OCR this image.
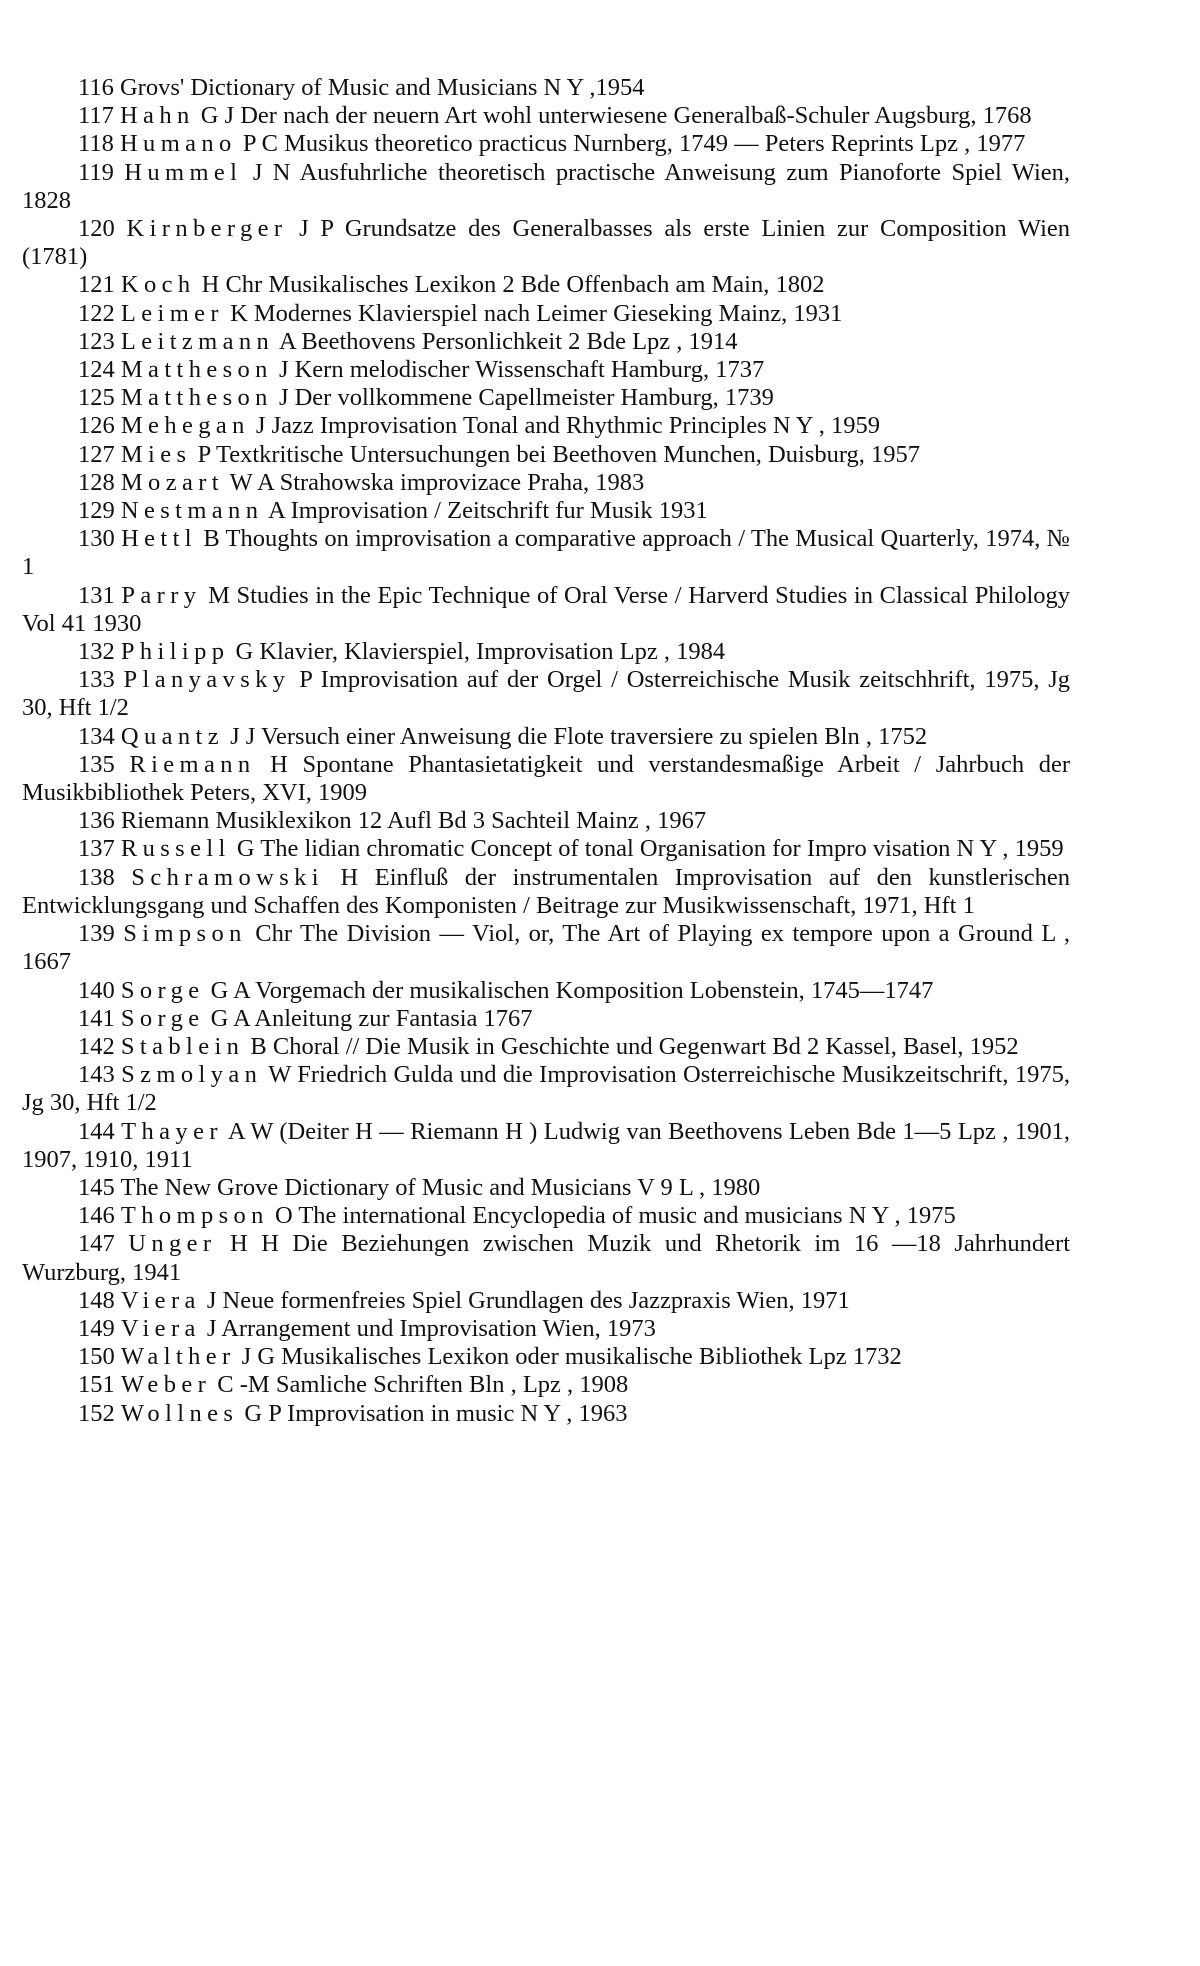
116 Grovs' Dictionary of Music and Musicians N Y ,1954

117 Hahn G J Der nach der neuern Art wohl unterwiesene Generalbaß-Schuler Augsburg, 1768

118 Humano P C Musikus theoretico practicus Nurnberg, 1749 — Peters Reprints Lpz , 1977

119 Hummel J N Ausfuhrliche theoretisch practische Anweisung zum Pianoforte Spiel Wien, 1828

120 Kirnberger J P Grundsatze des Generalbasses als erste Linien zur Composition Wien (1781)

121 Koch H Chr Musikalisches Lexikon 2 Bde Offenbach am Main, 1802

122 Leimer K Modernes Klavierspiel nach Leimer Gieseking Mainz, 1931

123 Leitzmann A Beethovens Personlichkeit 2 Bde Lpz , 1914

124 Mattheson J Kern melodischer Wissenschaft Hamburg, 1737

125 Mattheson J Der vollkommene Capellmeister Hamburg, 1739

126 Mehegan J Jazz Improvisation Tonal and Rhythmic Principles N Y , 1959

127 Mies P Textkritische Untersuchungen bei Beethoven Munchen, Duisburg, 1957

128 Mozart W A Strahowska improvizace Praha, 1983

129 Nestmann A Improvisation / Zeitschrift fur Musik 1931

130 Hettl B Thoughts on improvisation a comparative approach / The Musical Quarterly, 1974, № 1

131 Parry M Studies in the Epic Technique of Oral Verse / Harverd Studies in Classical Philology Vol 41 1930

132 Philipp G Klavier, Klavierspiel, Improvisation Lpz , 1984

133 Planyavsky P Improvisation auf der Orgel / Osterreichische Musik zeitschhrift, 1975, Jg 30, Hft 1/2

134 Quantz J J Versuch einer Anweisung die Flote traversiere zu spielen Bln , 1752

135 Riemann H Spontane Phantasietatigkeit und verstandesmaßige Arbeit / Jahrbuch der Musikbibliothek Peters, XVI, 1909

136 Riemann Musiklexikon 12 Aufl Bd 3 Sachteil Mainz , 1967

137 Russell G The lidian chromatic Concept of tonal Organisation for Impro visation N Y , 1959

138 Schramowski H Einfluß der instrumentalen Improvisation auf den kunstlerischen Entwicklungsgang und Schaffen des Komponisten / Beitrage zur Musikwissenschaft, 1971, Hft 1

139 Simpson Chr The Division — Viol, or, The Art of Playing ex tempore upon a Ground L , 1667

140 Sorge G A Vorgemach der musikalischen Komposition Lobenstein, 1745—1747

141 Sorge G A Anleitung zur Fantasia 1767

142 Stablein B Choral // Die Musik in Geschichte und Gegenwart Bd 2 Kassel, Basel, 1952

143 Szmolyan W Friedrich Gulda und die Improvisation Osterreichische Musikzeitschrift, 1975, Jg 30, Hft 1/2

144 Thayer A W (Deiter H — Riemann H ) Ludwig van Beethovens Leben Bde 1—5 Lpz , 1901, 1907, 1910, 1911

145 The New Grove Dictionary of Music and Musicians V 9 L , 1980

146 Thompson O The international Encyclopedia of music and musicians N Y , 1975

147 Unger H H Die Beziehungen zwischen Muzik und Rhetorik im 16 —18 Jahrhundert Wurzburg, 1941

148 Viera J Neue formenfreies Spiel Grundlagen des Jazzpraxis Wien, 1971

149 Viera J Arrangement und Improvisation Wien, 1973

150 Walther J G Musikalisches Lexikon oder musikalische Bibliothek Lpz 1732

151 Weber C -M Samliche Schriften Bln , Lpz , 1908

152 Wollnes G P Improvisation in music N Y , 1963
